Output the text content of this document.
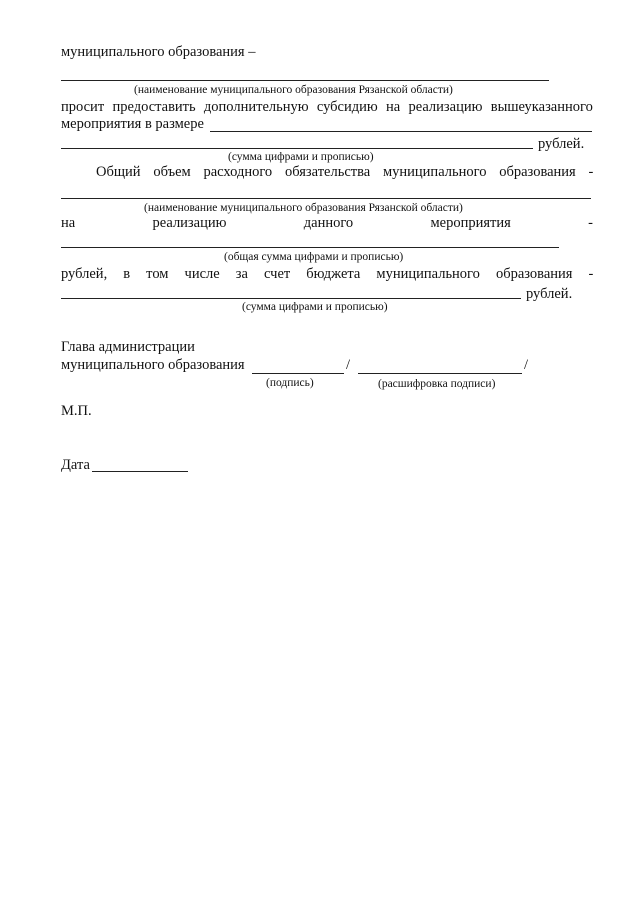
муниципального образования –
(наименование муниципального образования Рязанской области)
просит предоставить дополнительную субсидию на реализацию вышеуказанного
мероприятия в размере
рублей.
(сумма цифрами и прописью)
Общий объем расходного обязательства муниципального образования -
(наименование муниципального образования Рязанской области)
на	реализацию	данного	мероприятия	-
(общая сумма цифрами и прописью)
рублей, в том числе за счет бюджета муниципального образования -
рублей.
(сумма цифрами и прописью)
Глава администрации
муниципального образования	/	/
(подпись)	(расшифровка подписи)
М.П.
Дата
